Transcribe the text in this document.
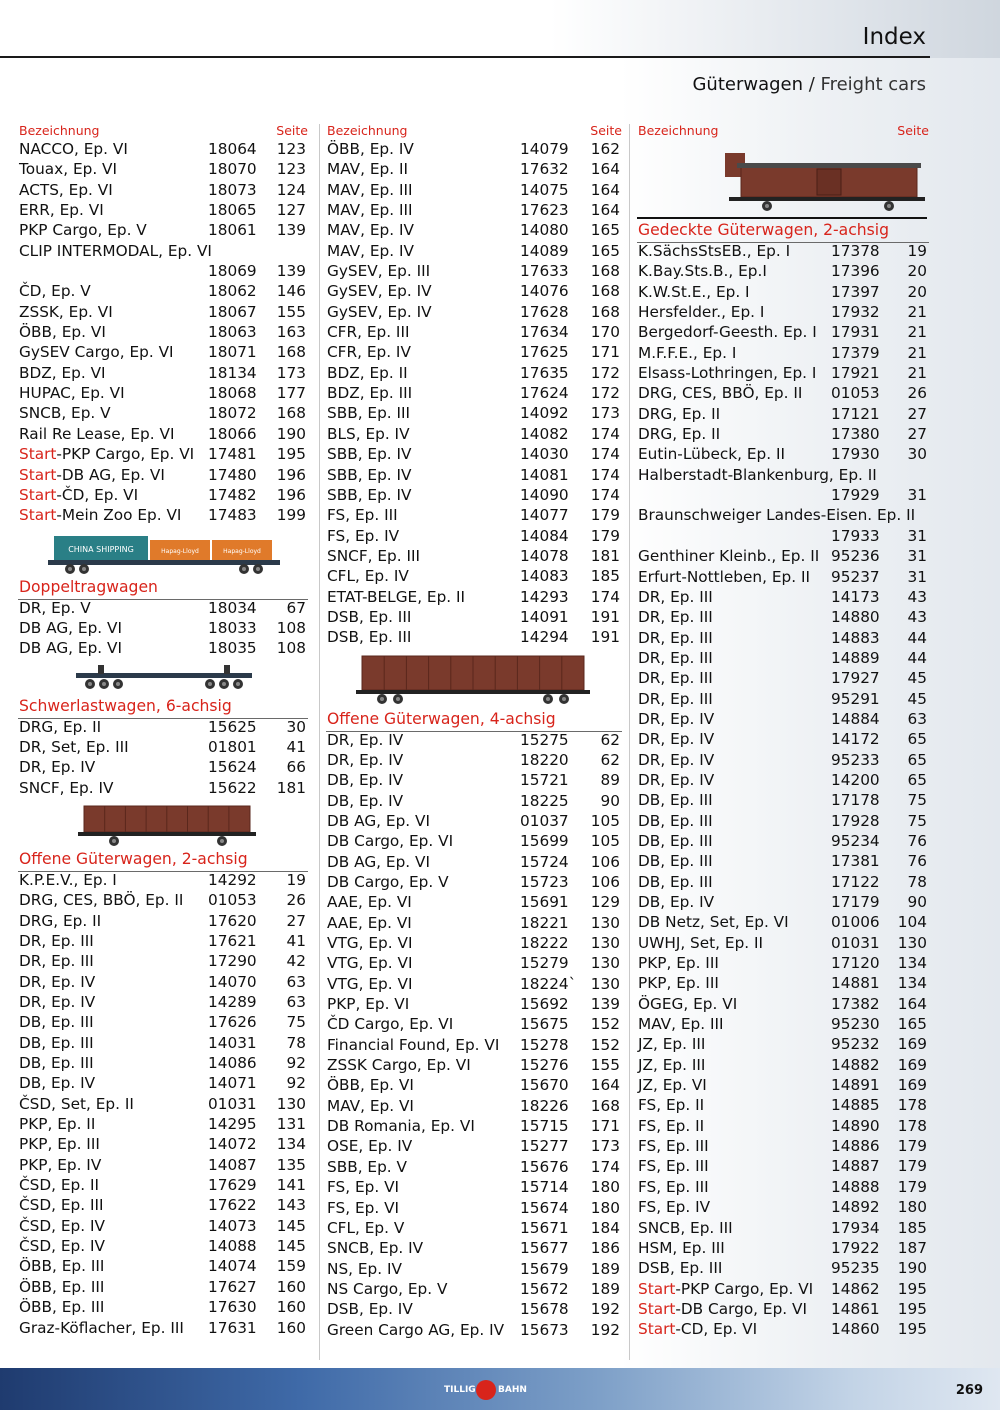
Index
Güterwagen / Freight cars
Bezeichnung	Seite
NACCO, Ep. VI	18064 123
Touax, Ep. VI	18070 123
ACTS, Ep. VI	18073 124
ERR, Ep. VI	18065 127
PKP Cargo, Ep. V	18061 139
CLIP INTERMODAL, Ep. VI
18069 139
ČD, Ep. V	18062 146
ZSSK, Ep. VI	18067 155
ÖBB, Ep. VI	18063 163
GySEV Cargo, Ep. VI 18071 168
BDZ, Ep. VI	18134 173
HUPAC, Ep. VI	18068 177
SNCB, Ep. V	18072 168
Rail Re Lease, Ep. VI 18066 190
Start-PKP Cargo, Ep. VI 17481 195
Start-DB AG, Ep. VI	17480 196
Start-ČD, Ep. VI	17482 196
Start-Mein Zoo Ep. VI 17483 199
CHINA SHIPPING	Hapag-Lloyd	Hapag-Lloyd
Doppeltragwagen
DR, Ep. V	18034 67
DB AG, Ep. VI	18033 108
DB AG, Ep. VI	18035 108
Schwerlastwagen, 6-achsig
DRG, Ep. II	15625 30
DR, Set, Ep. III	01801 41
DR, Ep. IV	15624 66
SNCF, Ep. IV	15622 181
Offene Güterwagen, 2-achsig
K.P.E.V., Ep. I	14292 19
DRG, CES, BBÖ, Ep. II 01053 26
DRG, Ep. II	17620 27
DR, Ep. III	17621 41
DR, Ep. III	17290 42
DR, Ep. IV	14070 63
DR, Ep. IV	14289 63
DB, Ep. III	17626 75
DB, Ep. III	14031 78
DB, Ep. III	14086 92
DB, Ep. IV	14071 92
ČSD, Set, Ep. II	01031 130
PKP, Ep. II	14295 131
PKP, Ep. III	14072 134
PKP, Ep. IV	14087 135
ČSD, Ep. II	17629 141
ČSD, Ep. III	17622 143
ČSD, Ep. IV	14073 145
ČSD, Ep. IV	14088 145
ÖBB, Ep. III	14074 159
ÖBB, Ep. III	17627 160
ÖBB, Ep. III	17630 160
Graz-Köflacher, Ep. III 17631 160
Bezeichnung	Seite
ÖBB, Ep. IV	14079 162
MAV, Ep. II	17632 164
MAV, Ep. III	14075 164
MAV, Ep. III	17623 164
MAV, Ep. IV	14080 165
MAV, Ep. IV	14089 165
GySEV, Ep. III	17633 168
GySEV, Ep. IV	14076 168
GySEV, Ep. IV	17628 168
CFR, Ep. III	17634 170
CFR, Ep. IV	17625 171
BDZ, Ep. II	17635 172
BDZ, Ep. III	17624 172
SBB, Ep. III	14092 173
BLS, Ep. IV	14082 174
SBB, Ep. IV	14030 174
SBB, Ep. IV	14081 174
SBB, Ep. IV	14090 174
FS, Ep. III	14077 179
FS, Ep. IV	14084 179
SNCF, Ep. III	14078 181
CFL, Ep. IV	14083 185
ETAT-BELGE, Ep. II	14293 174
DSB, Ep. III	14091 191
DSB, Ep. III	14294 191
Offene Güterwagen, 4-achsig
DR, Ep. IV	15275 62
DR, Ep. IV	18220 62
DB, Ep. IV	15721 89
DB, Ep. IV	18225 90
DB AG, Ep. VI	01037 105
DB Cargo, Ep. VI	15699 105
DB AG, Ep. VI	15724 106
DB Cargo, Ep. V	15723 106
AAE, Ep. VI	15691 129
AAE, Ep. VI	18221 130
VTG, Ep. VI	18222 130
VTG, Ep. VI	15279 130
VTG, Ep. VI	18224` 130
PKP, Ep. VI	15692 139
ČD Cargo, Ep. VI	15675 152
Financial Found, Ep. VI 15278 152
ZSSK Cargo, Ep. VI	15276 155
ÖBB, Ep. VI	15670 164
MAV, Ep. VI	18226 168
DB Romania, Ep. VI	15715 171
OSE, Ep. IV	15277 173
SBB, Ep. V	15676 174
FS, Ep. VI	15714 180
FS, Ep. VI	15674 180
CFL, Ep. V	15671 184
SNCB, Ep. IV	15677 186
NS, Ep. IV	15679 189
NS Cargo, Ep. V	15672 189
DSB, Ep. IV	15678 192
Green Cargo AG, Ep. IV 15673 192
Bezeichnung	Seite
Gedeckte Güterwagen, 2-achsig
K.SächsStsEB., Ep. I	17378 19
K.Bay.Sts.B., Ep.I	17396 20
K.W.St.E., Ep. I	17397 20
Hersfelder., Ep. I	17932 21
Bergedorf-Geesth. Ep. I 17931 21
M.F.F.E., Ep. I	17379 21
Elsass-Lothringen, Ep. I 17921 21
DRG, CES, BBÖ, Ep. II 01053 26
DRG, Ep. II	17121 27
DRG, Ep. II	17380 27
Eutin-Lübeck, Ep. II	17930 30
Halberstadt-Blankenburg, Ep. II
17929 31
Braunschweiger Landes-Eisen. Ep. II
17933 31
Genthiner Kleinb., Ep. II 95236 31
Erfurt-Nottleben, Ep. II 95237 31
DR, Ep. III	14173 43
DR, Ep. III	14880 43
DR, Ep. III	14883 44
DR, Ep. III	14889 44
DR, Ep. III	17927 45
DR, Ep. III	95291 45
DR, Ep. IV	14884 63
DR, Ep. IV	14172 65
DR, Ep. IV	95233 65
DR, Ep. IV	14200 65
DB, Ep. III	17178 75
DB, Ep. III	17928 75
DB, Ep. III	95234 76
DB, Ep. III	17381 76
DB, Ep. III	17122 78
DB, Ep. IV	17179 90
DB Netz, Set, Ep. VI	01006 104
UWHJ, Set, Ep. II	01031 130
PKP, Ep. III	17120 134
PKP, Ep. III	14881 134
ÖGEG, Ep. VI	17382 164
MAV, Ep. III	95230 165
JZ, Ep. III	95232 169
JZ, Ep. III	14882 169
JZ, Ep. VI	14891 169
FS, Ep. II	14885 178
FS, Ep. II	14890 178
FS, Ep. III	14886 179
FS, Ep. III	14887 179
FS, Ep. III	14888 179
FS, Ep. IV	14892 180
SNCB, Ep. III	17934 185
HSM, Ep. III	17922 187
DSB, Ep. III	95235 190
Start-PKP Cargo, Ep. VI 14862 195
Start-DB Cargo, Ep. VI 14861 195
Start-CD, Ep. VI	14860 195
TILLIG BAHN	269
